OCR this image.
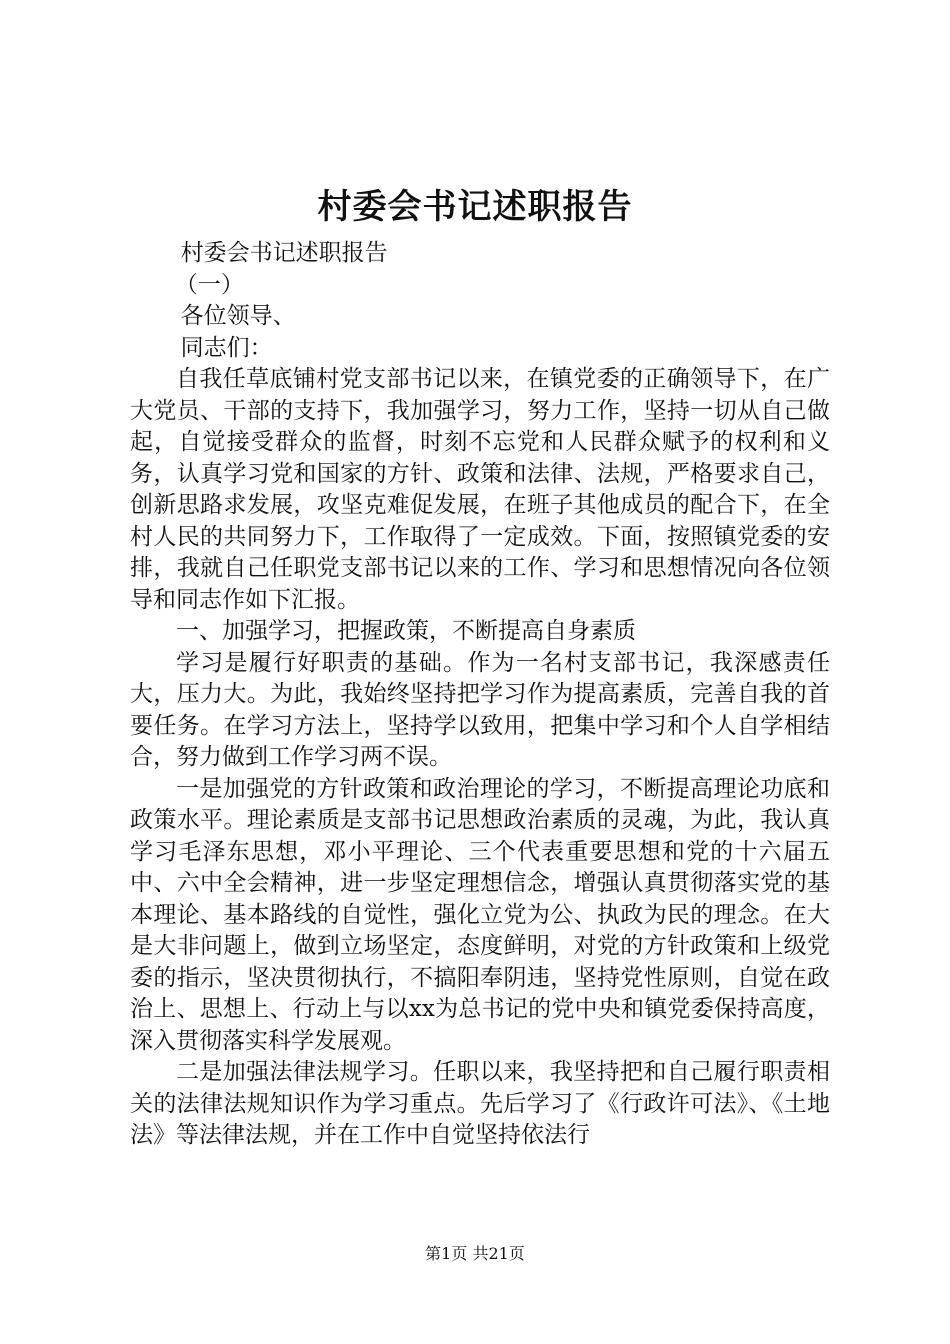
村委会书记述职报告

村委会书记述职报告

（一）

各位领导、

同志们：

自我任草底铺村党支部书记以来，在镇党委的正确领导下，在广大党员、干部的支持下，我加强学习，努力工作，坚持一切从自己做起，自觉接受群众的监督，时刻不忘党和人民群众赋予的权利和义务，认真学习党和国家的方针、政策和法律、法规，严格要求自己，创新思路求发展，攻坚克难促发展，在班子其他成员的配合下，在全村人民的共同努力下，工作取得了一定成效。下面，按照镇党委的安排，我就自己任职党支部书记以来的工作、学习和思想情况向各位领导和同志作如下汇报。

一、加强学习，把握政策，不断提高自身素质

学习是履行好职责的基础。作为一名村支部书记，我深感责任大，压力大。为此，我始终坚持把学习作为提高素质，完善自我的首要任务。在学习方法上，坚持学以致用，把集中学习和个人自学相结合，努力做到工作学习两不误。

一是加强党的方针政策和政治理论的学习，不断提高理论功底和政策水平。理论素质是支部书记思想政治素质的灵魂，为此，我认真学习毛泽东思想，邓小平理论、三个代表重要思想和党的十六届五中、六中全会精神，进一步坚定理想信念，增强认真贯彻落实党的基本理论、基本路线的自觉性，强化立党为公、执政为民的理念。在大是大非问题上，做到立场坚定，态度鲜明，对党的方针政策和上级党委的指示，坚决贯彻执行，不搞阳奉阴违，坚持党性原则，自觉在政治上、思想上、行动上与以xx为总书记的党中央和镇党委保持高度，深入贯彻落实科学发展观。

二是加强法律法规学习。任职以来，我坚持把和自己履行职责相关的法律法规知识作为学习重点。先后学习了《行政许可法》、《土地法》等法律法规，并在工作中自觉坚持依法行

第1页 共21页
